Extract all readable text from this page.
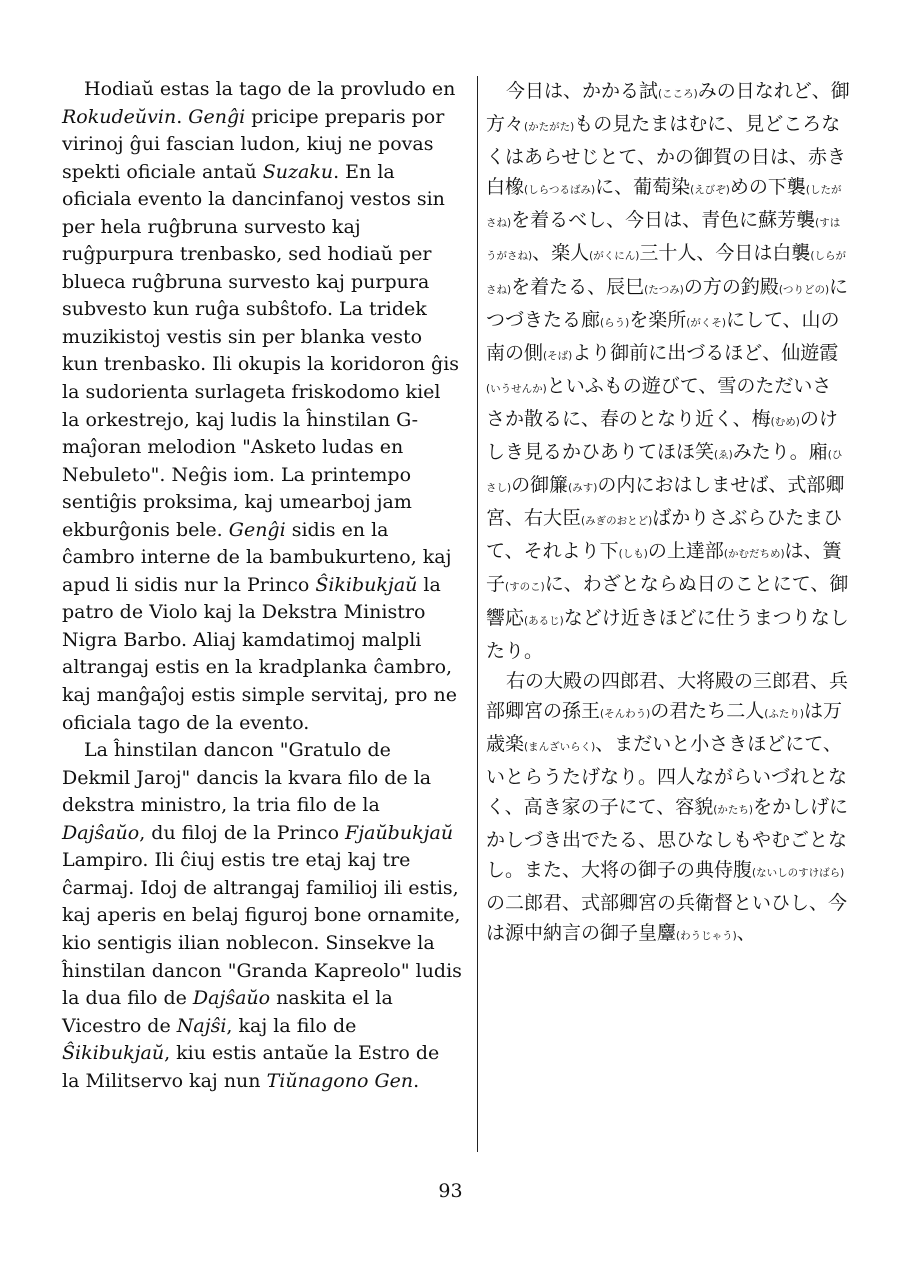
Hodiaŭ estas la tago de la provludo en Rokudeŭvin. Genĝi pricipe preparis por virinoj ĝui fascian ludon, kiuj ne povas spekti oficiale antaŭ Suzaku. En la oficiala evento la dancinfanoj vestos sin per hela ruĝbruna survesto kaj ruĝpurpura trenbasko, sed hodiaŭ per blueca ruĝbruna survesto kaj purpura subvesto kun ruĝa subŝtofo. La tridek muzikistoj vestis sin per blanka vesto kun trenbasko. Ili okupis la koridoron ĝis la sudorienta surlageta friskodomo kiel la orkestrejo, kaj ludis la ĥinstilan G-maĵoran melodion "Asketo ludas en Nebuleto". Neĝis iom. La printempo sentiĝis proksima, kaj umearboj jam ekburĝonis bele. Genĝi sidis en la ĉambro interne de la bambukurteno, kaj apud li sidis nur la Princo Ŝikibukjaŭ la patro de Violo kaj la Dekstra Ministro Nigra Barbo. Aliaj kamdatimoj malpli altrangaj estis en la kradplanka ĉambro, kaj manĝaĵoj estis simple servitaj, pro ne oficiala tago de la evento.

La ĥinstilan dancon "Gratulo de Dekmil Jaroj" dancis la kvara filo de la dekstra ministro, la tria filo de la Dajŝaŭo, du filoj de la Princo Fjaŭbukjaŭ Lampiro. Ili ĉiuj estis tre etaj kaj tre ĉarmaj. Idoj de altrangaj familioj ili estis, kaj aperis en belaj figuroj bone ornamite, kio sentigis ilian noblecon. Sinsekve la ĥinstilan dancon "Granda Kapreolo" ludis la dua filo de Dajŝaŭo naskita el la Vicestro de Najŝi, kaj la filo de Ŝikibukjaŭ, kiu estis antaŭe la Estro de la Militservo kaj nun Tiŭnagono Gen.

今日は、かかる試(こころ)みの日なれど、御方々(かたがた)もの見たまはむに、見どころなくはあらせじとて、かの御賀の日は、赤き白橡(しらつるばみ)に、葡萄染(えびぞ)めの下襲(したがさね)を着るべし、今日は、青色に蘇芳襲(すはうがさね)、楽人(がくにん)三十人、今日は白襲(しらがさね)を着たる、辰巳(たつみ)の方の釣殿(つりどの)につづきたる廊(らう)を楽所(がくそ)にして、山の南の側(そば)より御前に出づるほど、仙遊霞(いうせんか)といふもの遊びて、雪のただいささか散るに、春のとなり近く、梅(むめ)のけしき見るかひありてほほ笑(ゑ)みたり。廂(ひさし)の御簾(みす)の内におはしませば、式部卿宮、右大臣(みぎのおとど)ばかりさぶらひたまひて、それより下(しも)の上達部(かむだちめ)は、簀子(すのこ)に、わざとならぬ日のことにて、御響応(あるじ)などけ近きほどに仕うまつりなしたり。

右の大殿の四郎君、大将殿の三郎君、兵部卿宮の孫王(そんわう)の君たち二人(ふたり)は万歳楽(まんざいらく)、まだいと小さきほどにて、いとらうたげなり。四人ながらいづれとなく、高き家の子にて、容貌(かたち)をかしげにかしづき出でたる、思ひなしもやむごとなし。また、大将の御子の典侍腹(ないしのすけばら)の二郎君、式部卿宮の兵衛督といひし、今は源中納言の御子皇麞(わうじゃう)、

93
